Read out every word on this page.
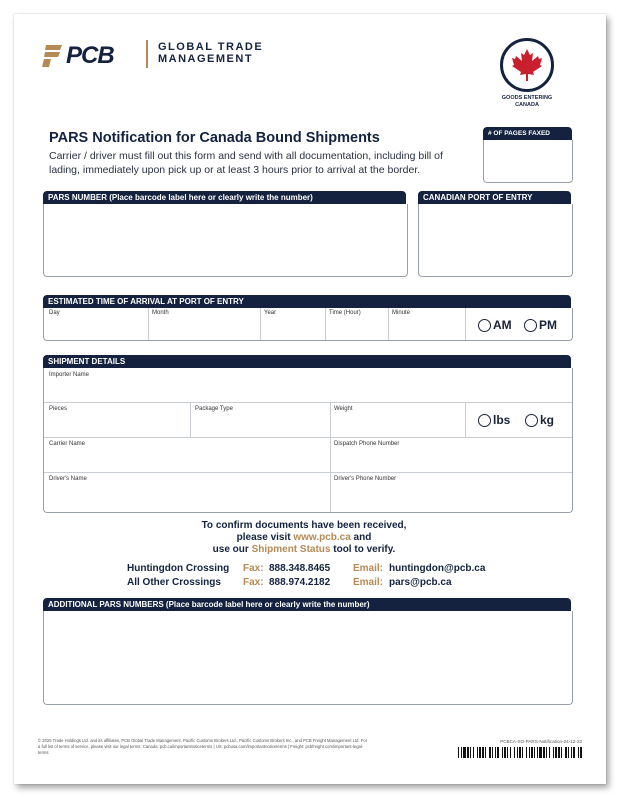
PCB	GLOBAL TRADE
MANAGEMENT
GOODS ENTERING
CANADA
PARS Notification for Canada Bound Shipments
Carrier / driver must fill out this form and send with all documentation, including bill of lading, immediately upon pick up or at least 3 hours prior to arrival at the border.
# OF PAGES FAXED
PARS NUMBER (Place barcode label here or clearly write the number)	CANADIAN PORT OF ENTRY
ESTIMATED TIME OF ARRIVAL AT PORT OF ENTRY
Day	Month	Year	Time (Hour)	Minute
AM PM
SHIPMENT DETAILS
Importer Name
Pieces	Package Type	Weight
lbs kg
Carrier Name	Dispatch Phone Number
Driver's Name	Driver's Phone Number
To confirm documents have been received,
please visit www.pcb.ca and
use our Shipment Status tool to verify.
Huntingdon Crossing Fax: 888.348.8465 Email: huntingdon@pcb.ca
All Other Crossings Fax: 888.974.2182 Email: pars@pcb.ca
ADDITIONAL PARS NUMBERS (Place barcode label here or clearly write the number)
© 2025 Trade Holdings Ltd. and its affiliates, PCB Global Trade Management, Pacific Customs Brokers Ltd., Pacific Customs Brokers Inc., and PCB Freight Management Ltd. For a full list of terms of service, please visit our legal terms: Canada: pcb.ca/importantnoticeterms | US: pcbusa.com/importantnoticeterms | Freight: pcbfreight.com/important-legal-terms
PCBCA-XO-PARS-Notification-24-12-23
